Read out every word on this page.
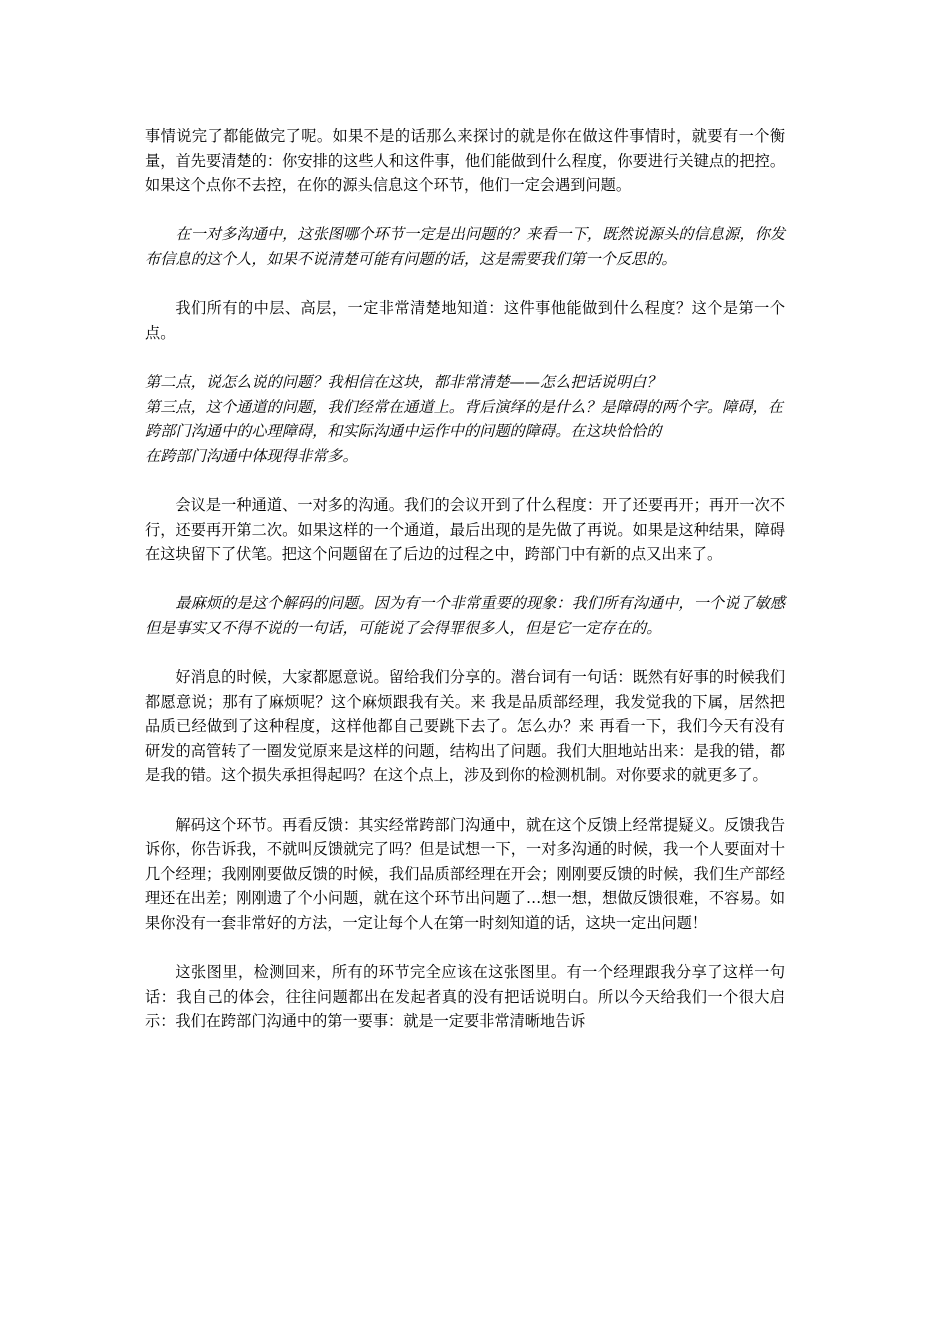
事情说完了都能做完了呢。如果不是的话那么来探讨的就是你在做这件事情时，就要有一个衡量，首先要清楚的：你安排的这些人和这件事，他们能做到什么程度，你要进行关键点的把控。如果这个点你不去控，在你的源头信息这个环节，他们一定会遇到问题。

在一对多沟通中，这张图哪个环节一定是出问题的？来看一下，既然说源头的信息源，你发布信息的这个人，如果不说清楚可能有问题的话，这是需要我们第一个反思的。

我们所有的中层、高层，一定非常清楚地知道：这件事他能做到什么程度？这个是第一个点。

第二点，说怎么说的问题？我相信在这块，都非常清楚——怎么把话说明白？
第三点，这个通道的问题，我们经常在通道上。背后演绎的是什么？是障碍的两个字。障碍，在跨部门沟通中的心理障碍，和实际沟通中运作中的问题的障碍。在这块恰恰的
在跨部门沟通中体现得非常多。

会议是一种通道、一对多的沟通。我们的会议开到了什么程度：开了还要再开；再开一次不行，还要再开第二次。如果这样的一个通道，最后出现的是先做了再说。如果是这种结果，障碍在这块留下了伏笔。把这个问题留在了后边的过程之中，跨部门中有新的点又出来了。

最麻烦的是这个解码的问题。因为有一个非常重要的现象：我们所有沟通中，一个说了敏感但是事实又不得不说的一句话，可能说了会得罪很多人，但是它一定存在的。

好消息的时候，大家都愿意说。留给我们分享的。潜台词有一句话：既然有好事的时候我们都愿意说；那有了麻烦呢？这个麻烦跟我有关。来 我是品质部经理，我发觉我的下属，居然把品质已经做到了这种程度，这样他都自己要跳下去了。怎么办？来 再看一下，我们今天有没有研发的高管转了一圈发觉原来是这样的问题，结构出了问题。我们大胆地站出来：是我的错，都是我的错。这个损失承担得起吗？在这个点上，涉及到你的检测机制。对你要求的就更多了。

解码这个环节。再看反馈：其实经常跨部门沟通中，就在这个反馈上经常提疑义。反馈我告诉你，你告诉我，不就叫反馈就完了吗？但是试想一下，一对多沟通的时候，我一个人要面对十几个经理；我刚刚要做反馈的时候，我们品质部经理在开会；刚刚要反馈的时候，我们生产部经理还在出差；刚刚遗了个小问题，就在这个环节出问题了…想一想，想做反馈很难，不容易。如果你没有一套非常好的方法，一定让每个人在第一时刻知道的话，这块一定出问题！

这张图里，检测回来，所有的环节完全应该在这张图里。有一个经理跟我分享了这样一句话：我自己的体会，往往问题都出在发起者真的没有把话说明白。所以今天给我们一个很大启示：我们在跨部门沟通中的第一要事：就是一定要非常清晰地告诉
